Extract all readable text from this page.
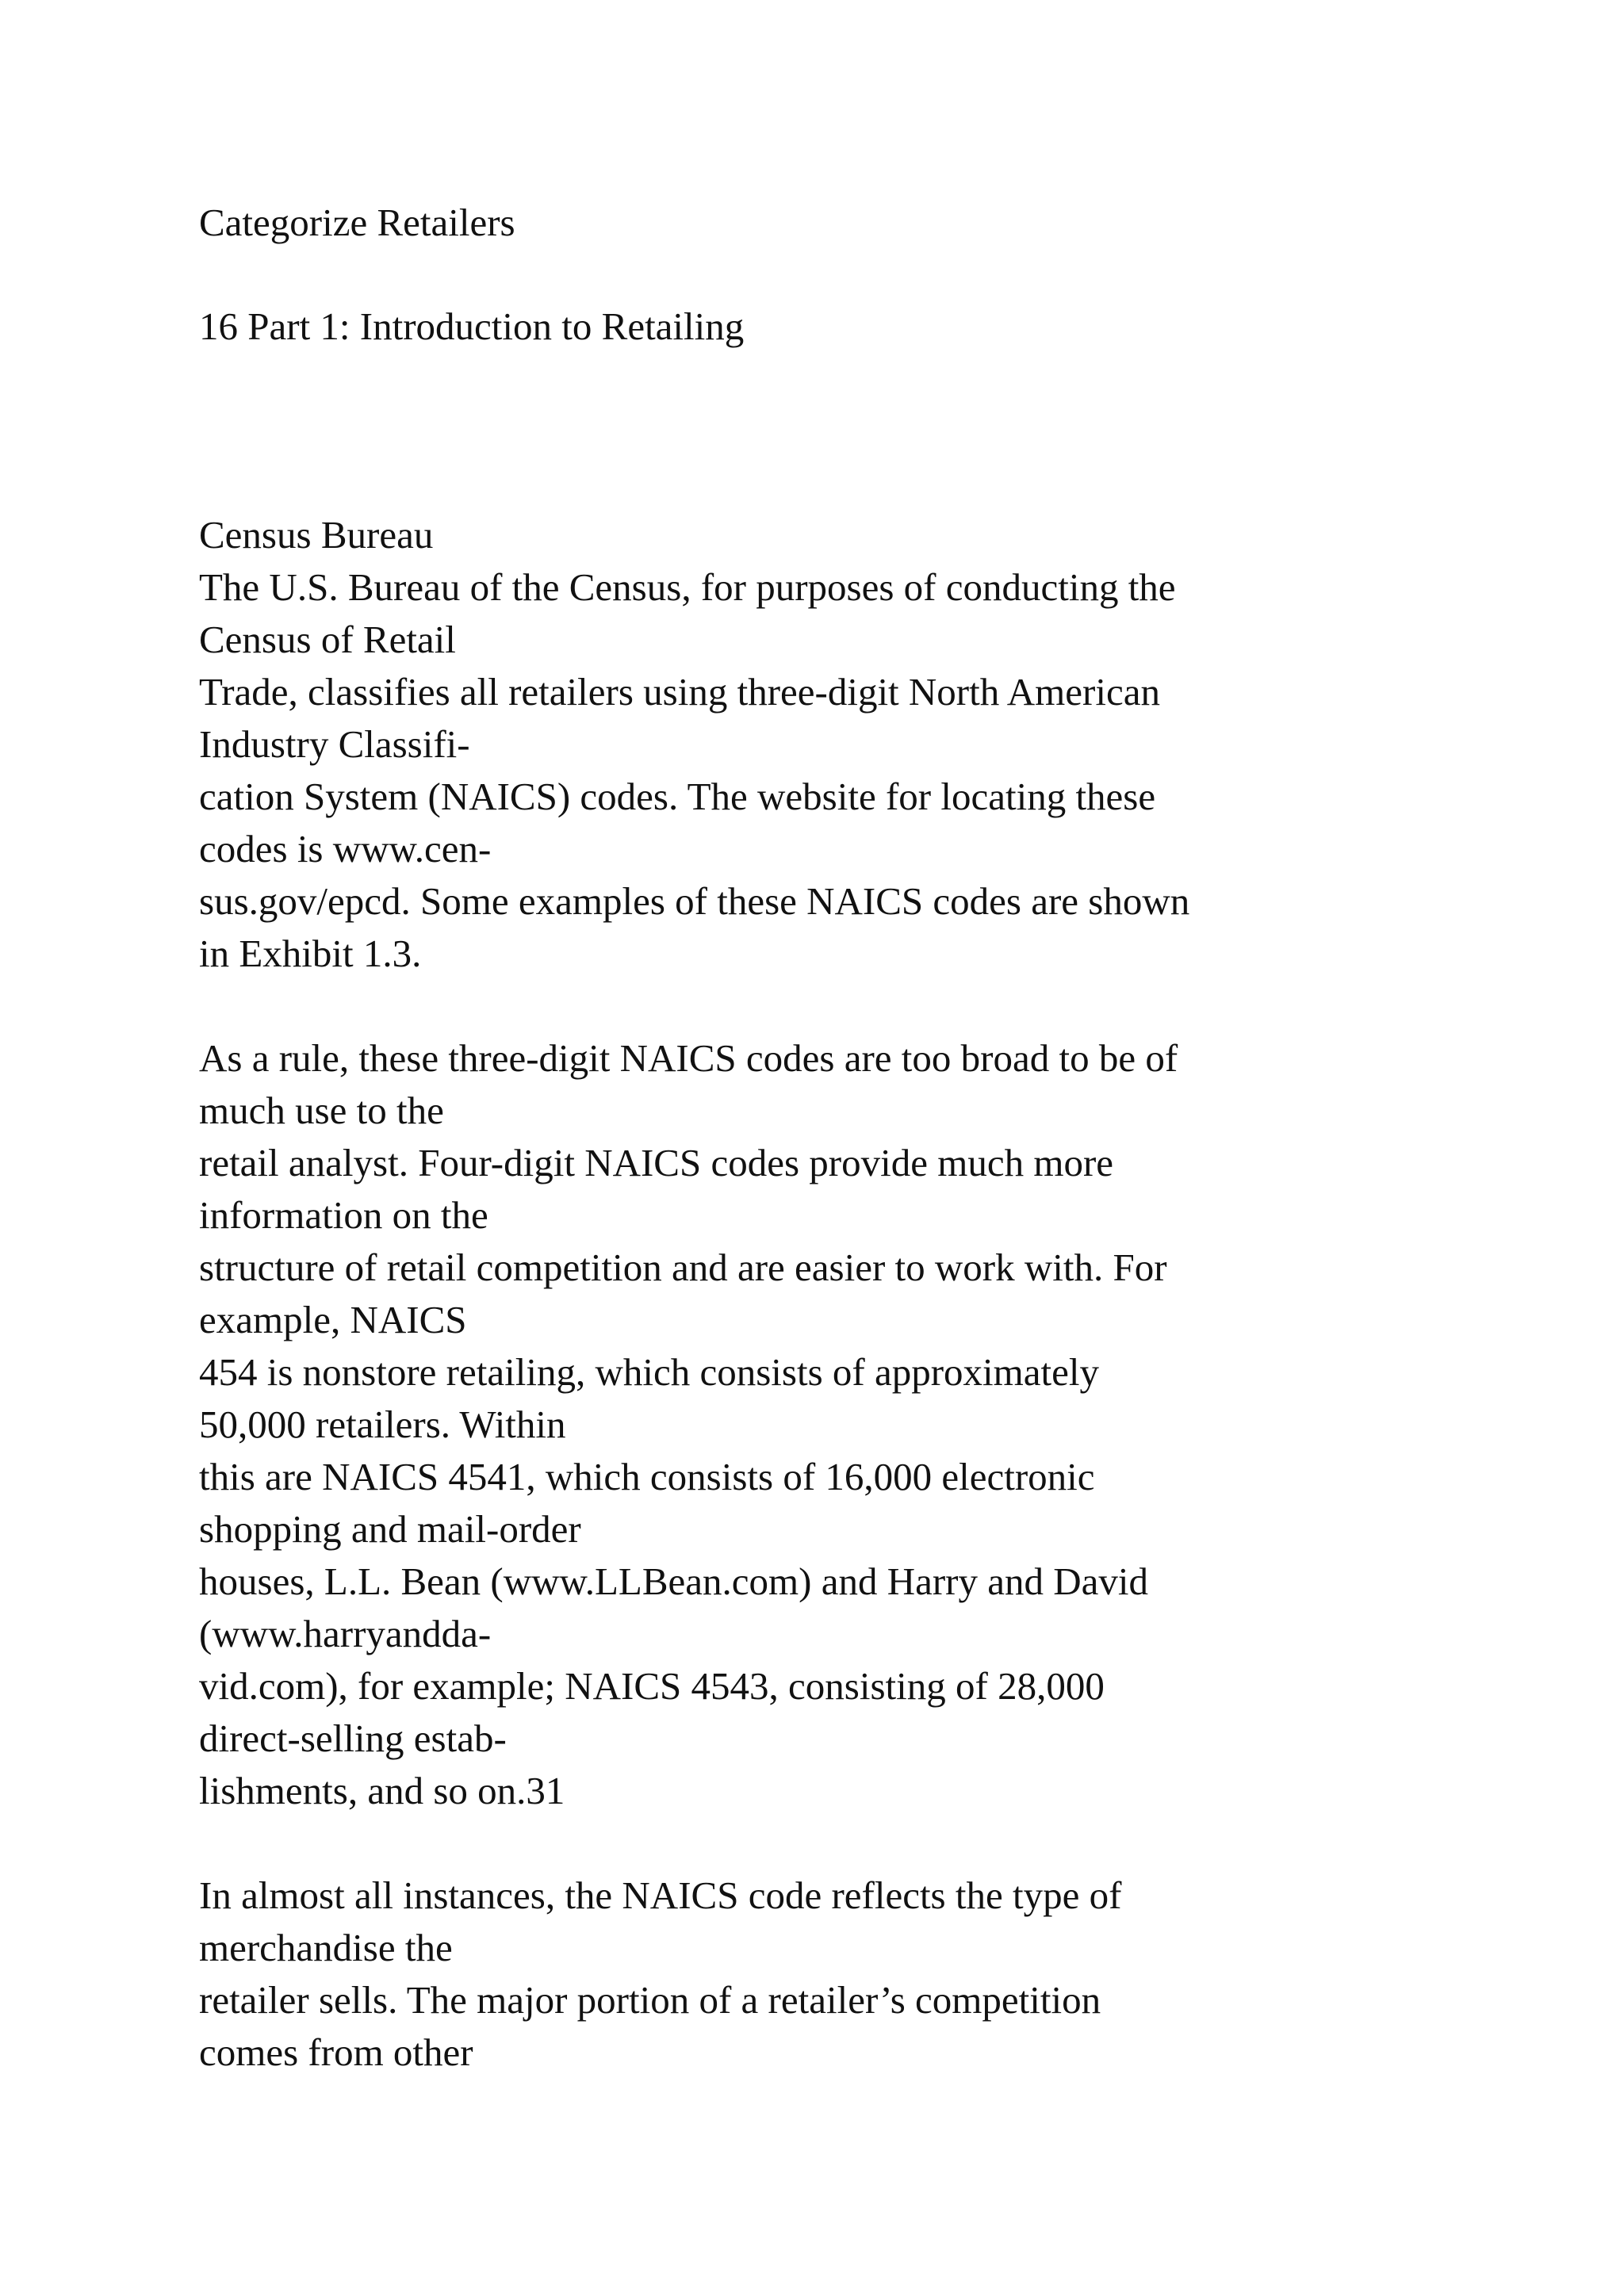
Categorize Retailers
16 Part 1: Introduction to Retailing
Census Bureau
The U.S. Bureau of the Census, for purposes of conducting the
Census of Retail
Trade, classifies all retailers using three-digit North American
Industry Classifi-
cation System (NAICS) codes. The website for locating these
codes is www.cen-
sus.gov/epcd. Some examples of these NAICS codes are shown
in Exhibit 1.3.
As a rule, these three-digit NAICS codes are too broad to be of
much use to the
retail analyst. Four-digit NAICS codes provide much more
information on the
structure of retail competition and are easier to work with. For
example, NAICS
454 is nonstore retailing, which consists of approximately
50,000 retailers. Within
this are NAICS 4541, which consists of 16,000 electronic
shopping and mail-order
houses, L.L. Bean (www.LLBean.com) and Harry and David
(www.harryandda-
vid.com), for example; NAICS 4543, consisting of 28,000
direct-selling estab-
lishments, and so on.31
In almost all instances, the NAICS code reflects the type of
merchandise the
retailer sells. The major portion of a retailer’s competition
comes from other
